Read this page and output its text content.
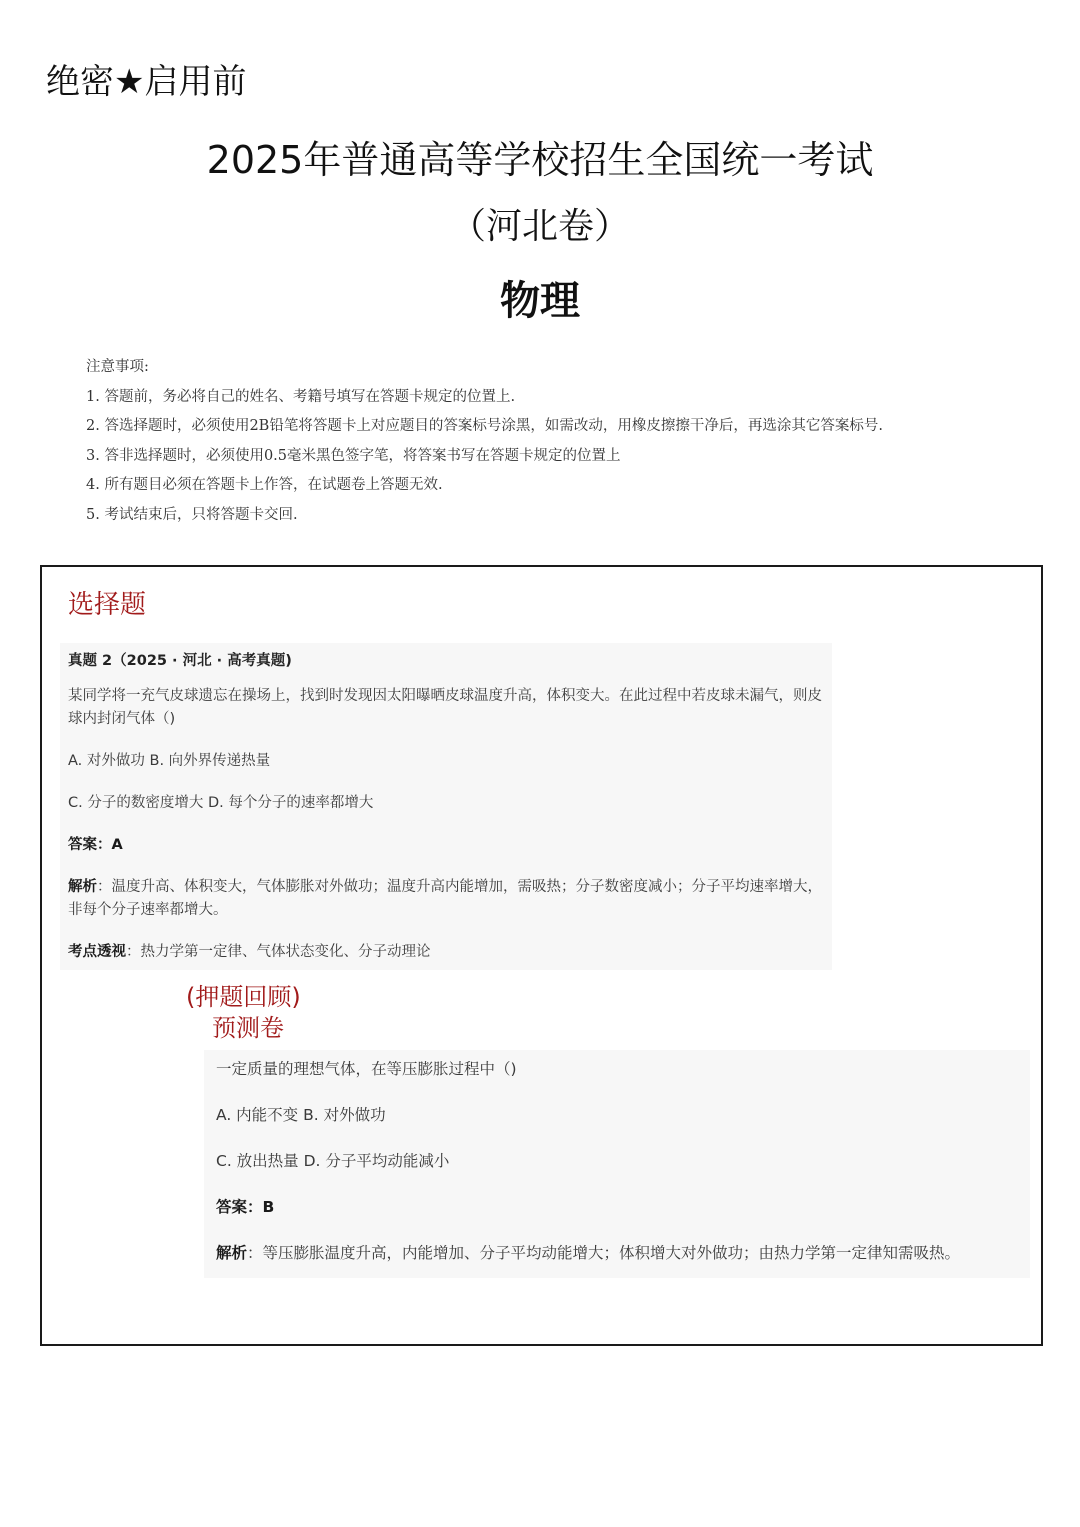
绝密★启用前
2025年普通高等学校招生全国统一考试
（河北卷）
物理
注意事项:
1. 答题前，务必将自己的姓名、考籍号填写在答题卡规定的位置上.
2. 答选择题时，必须使用2B铅笔将答题卡上对应题目的答案标号涂黑，如需改动，用橡皮擦擦干净后，再选涂其它答案标号.
3. 答非选择题时，必须使用0.5毫米黑色签字笔，将答案书写在答题卡规定的位置上
4. 所有题目必须在答题卡上作答，在试题卷上答题无效.
5. 考试结束后，只将答题卡交回.
选择题
真题 2（2025 · 河北 · 高考真题)
某同学将一充气皮球遗忘在操场上，找到时发现因太阳曝晒皮球温度升高，体积变大。在此过程中若皮球未漏气，则皮球内封闭气体（)
A. 对外做功 B. 向外界传递热量
C. 分子的数密度增大 D. 每个分子的速率都增大
答案：A
解析：温度升高、体积变大，气体膨胀对外做功；温度升高内能增加，需吸热；分子数密度减小；分子平均速率增大，非每个分子速率都增大。
考点透视：热力学第一定律、气体状态变化、分子动理论
(押题回顾)
预测卷
一定质量的理想气体，在等压膨胀过程中（)
A. 内能不变 B. 对外做功
C. 放出热量 D. 分子平均动能减小
答案：B
解析：等压膨胀温度升高，内能增加、分子平均动能增大；体积增大对外做功；由热力学第一定律知需吸热。
